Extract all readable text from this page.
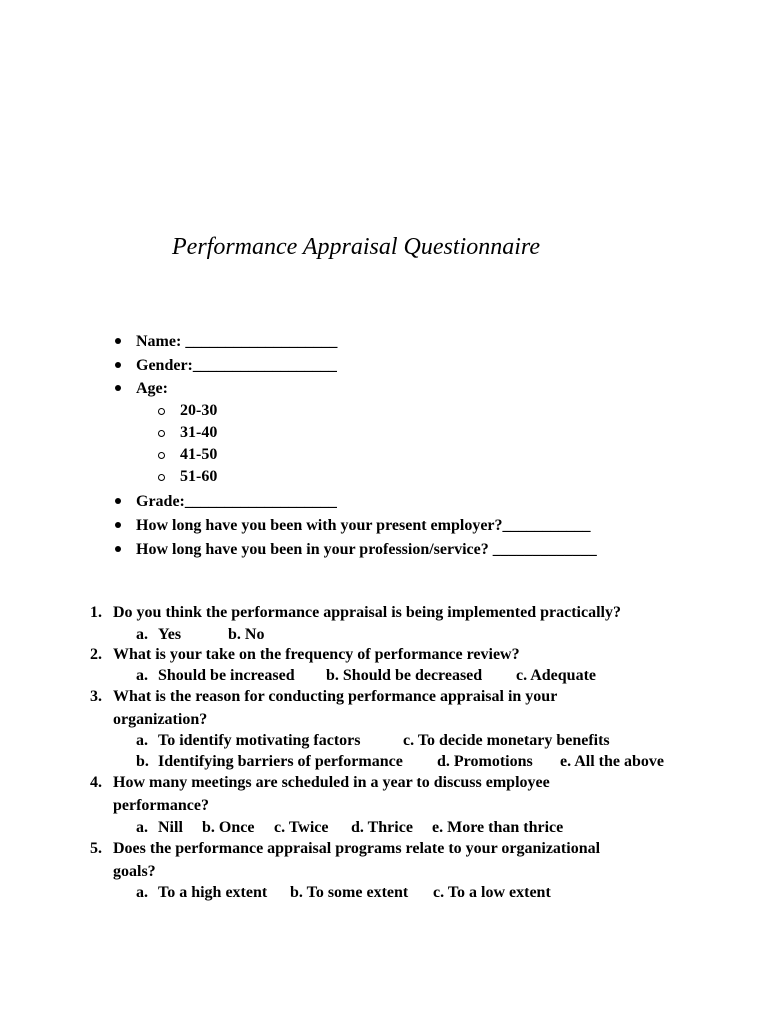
Performance Appraisal Questionnaire
Name: ___________________
Gender:__________________
Age:
20-30
31-40
41-50
51-60
Grade:___________________
How long have you been with your present employer?___________
How long have you been in your profession/service? _____________
1. Do you think the performance appraisal is being implemented practically?
a. Yes	b. No
2. What is your take on the frequency of performance review?
a. Should be increased b. Should be decreased c. Adequate
3. What is the reason for conducting performance appraisal in your
organization?
a. To identify motivating factors	c. To decide monetary benefits
b. Identifying barriers of performance d. Promotions e. All the above
4. How many meetings are scheduled in a year to discuss employee
performance?
a. Nill b. Once c. Twice d. Thrice e. More than thrice
5. Does the performance appraisal programs relate to your organizational
goals?
a. To a high extent b. To some extent c. To a low extent
